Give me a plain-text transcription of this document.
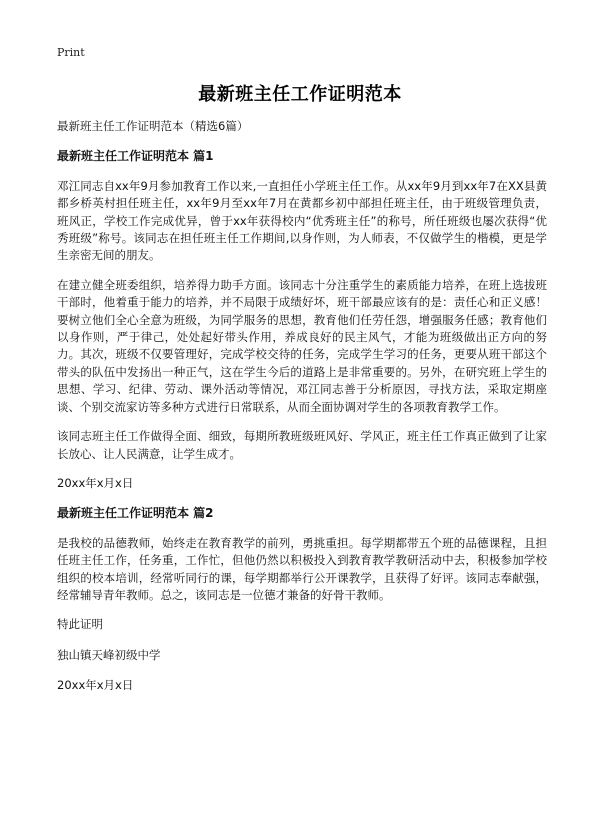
Print
最新班主任工作证明范本

最新班主任工作证明范本（精选6篇）

最新班主任工作证明范本 篇1

邓江同志自xx年9月参加教育工作以来,一直担任小学班主任工作。从xx年9月到xx年7在XX县黄都乡桥英村担任班主任，xx年9月至xx年7月在黄都乡初中部担任班主任，由于班级管理负责，班风正，学校工作完成优异，曾于xx年获得校内“优秀班主任”的称号，所任班级也屡次获得“优秀班级”称号。该同志在担任班主任工作期间,以身作则，为人师表，不仅做学生的楷模，更是学生亲密无间的朋友。

在建立健全班委组织，培养得力助手方面。该同志十分注重学生的素质能力培养，在班上选拔班干部时，他着重于能力的培养，并不局限于成绩好坏，班干部最应该有的是：责任心和正义感！要树立他们全心全意为班级，为同学服务的思想，教育他们任劳任怨，增强服务任感；教育他们以身作则，严于律己，处处起好带头作用，养成良好的民主风气，才能为班级做出正方向的努力。其次，班级不仅要管理好，完成学校交待的任务，完成学生学习的任务，更要从班干部这个带头的队伍中发扬出一种正气，这在学生今后的道路上是非常重要的。另外，在研究班上学生的思想、学习、纪律、劳动、课外活动等情况，邓江同志善于分析原因，寻找方法，采取定期座谈、个别交流家访等多种方式进行日常联系，从而全面协调对学生的各项教育教学工作。

该同志班主任工作做得全面、细致，每期所教班级班风好、学风正，班主任工作真正做到了让家长放心、让人民满意，让学生成才。

20xx年x月x日

最新班主任工作证明范本 篇2

是我校的品德教师，始终走在教育教学的前列，勇挑重担。每学期都带五个班的品德课程，且担任班主任工作，任务重，工作忙，但他仍然以积极投入到教育教学教研活动中去，积极参加学校组织的校本培训，经常听同行的课，每学期都举行公开课教学，且获得了好评。该同志奉献强，经常辅导青年教师。总之，该同志是一位德才兼备的好骨干教师。

特此证明

独山镇天峰初级中学

20xx年x月x日
